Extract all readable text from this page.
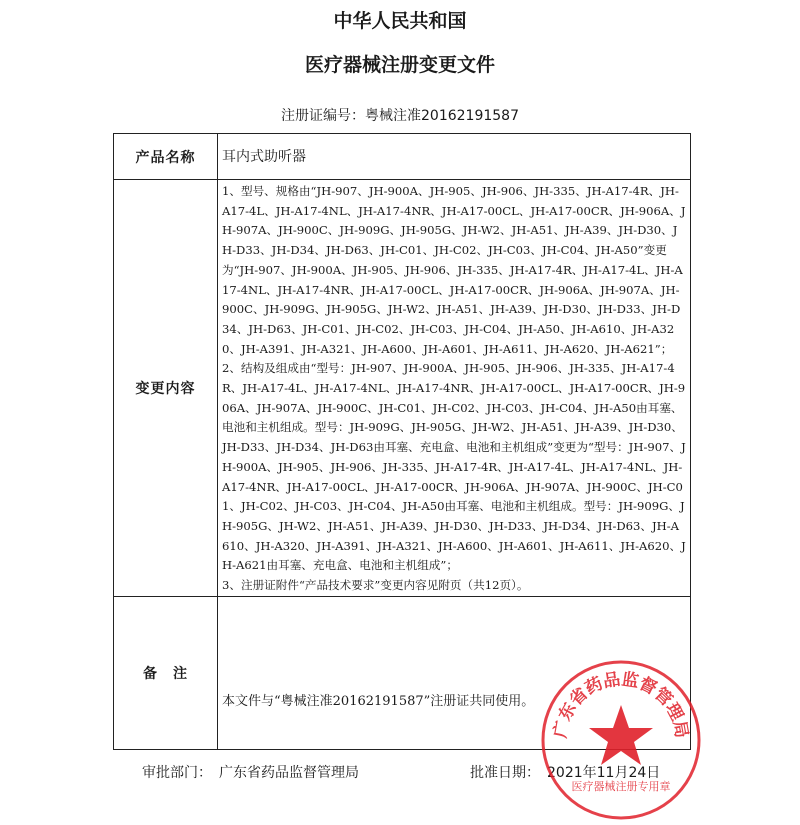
中华人民共和国
医疗器械注册变更文件
注册证编号：粤械注准20162191587
产品名称	耳内式助听器
变更内容	1、型号、规格由“JH-907、JH-900A、JH-905、JH-906、JH-335、JH-A17-4R、JH-A17-4L、JH-A17-4NL、JH-A17-4NR、JH-A17-00CL、JH-A17-00CR、JH-906A、JH-907A、JH-900C、JH-909G、JH-905G、JH-W2、JH-A51、JH-A39、JH-D30、JH-D33、JH-D34、JH-D63、JH-C01、JH-C02、JH-C03、JH-C04、JH-A50”变更为“JH-907、JH-900A、JH-905、JH-906、JH-335、JH-A17-4R、JH-A17-4L、JH-A17-4NL、JH-A17-4NR、JH-A17-00CL、JH-A17-00CR、JH-906A、JH-907A、JH-900C、JH-909G、JH-905G、JH-W2、JH-A51、JH-A39、JH-D30、JH-D33、JH-D34、JH-D63、JH-C01、JH-C02、JH-C03、JH-C04、JH-A50、JH-A610、JH-A320、JH-A391、JH-A321、JH-A600、JH-A601、JH-A611、JH-A620、JH-A621”；

2、结构及组成由“型号：JH-907、JH-900A、JH-905、JH-906、JH-335、JH-A17-4R、JH-A17-4L、JH-A17-4NL、JH-A17-4NR、JH-A17-00CL、JH-A17-00CR、JH-906A、JH-907A、JH-900C、JH-C01、JH-C02、JH-C03、JH-C04、JH-A50由耳塞、电池和主机组成。型号：JH-909G、JH-905G、JH-W2、JH-A51、JH-A39、JH-D30、JH-D33、JH-D34、JH-D63由耳塞、充电盒、电池和主机组成”变更为“型号：JH-907、JH-900A、JH-905、JH-906、JH-335、JH-A17-4R、JH-A17-4L、JH-A17-4NL、JH-A17-4NR、JH-A17-00CL、JH-A17-00CR、JH-906A、JH-907A、JH-900C、JH-C01、JH-C02、JH-C03、JH-C04、JH-A50由耳塞、电池和主机组成。型号：JH-909G、JH-905G、JH-W2、JH-A51、JH-A39、JH-D30、JH-D33、JH-D34、JH-D63、JH-A610、JH-A320、JH-A391、JH-A321、JH-A600、JH-A601、JH-A611、JH-A620、JH-A621由耳塞、充电盒、电池和主机组成”；

3、注册证附件“产品技术要求”变更内容见附页（共12页）。

备　注	本文件与“粤械注准20162191587”注册证共同使用。
审批部门：　广东省药品监督管理局	批准日期：　2021年11月24日
广东省药品监督管理局
医疗器械注册专用章
